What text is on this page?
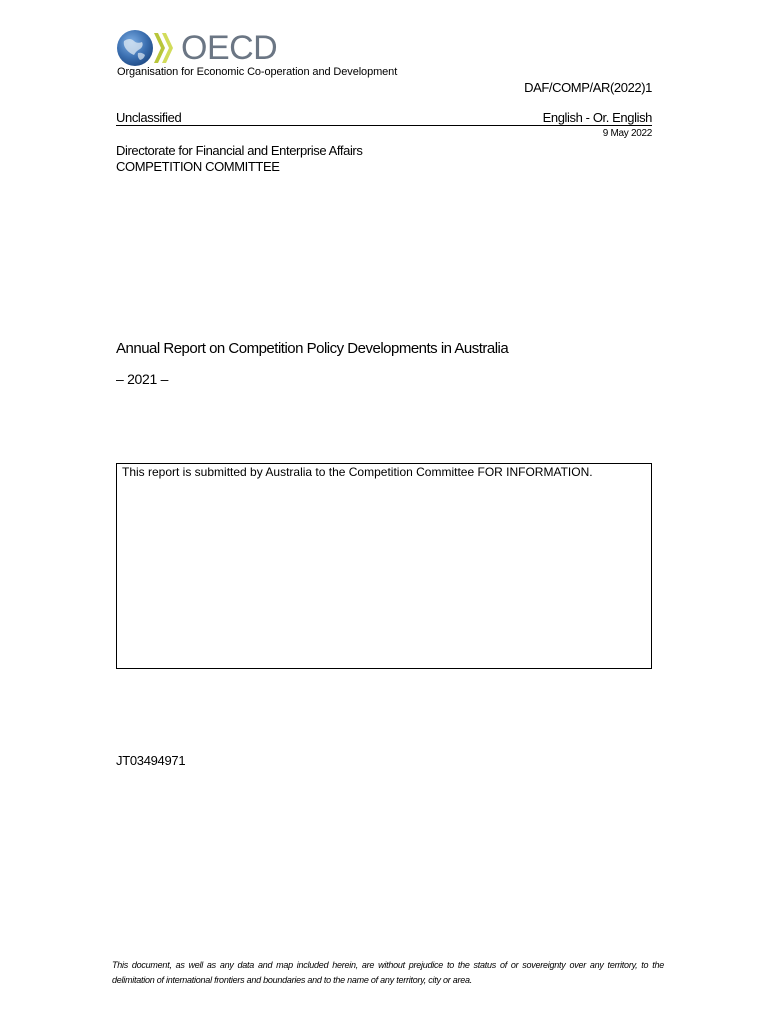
OECD
Organisation for Economic Co-operation and Development
DAF/COMP/AR(2022)1
Unclassified	English - Or. English
9 May 2022
Directorate for Financial and Enterprise Affairs
COMPETITION COMMITTEE
Annual Report on Competition Policy Developments in Australia
– 2021 –
This report is submitted by Australia to the Competition Committee FOR INFORMATION.
JT03494971
This document, as well as any data and map included herein, are without prejudice to the status of or sovereignty over any territory, to the delimitation of international frontiers and boundaries and to the name of any territory, city or area.
